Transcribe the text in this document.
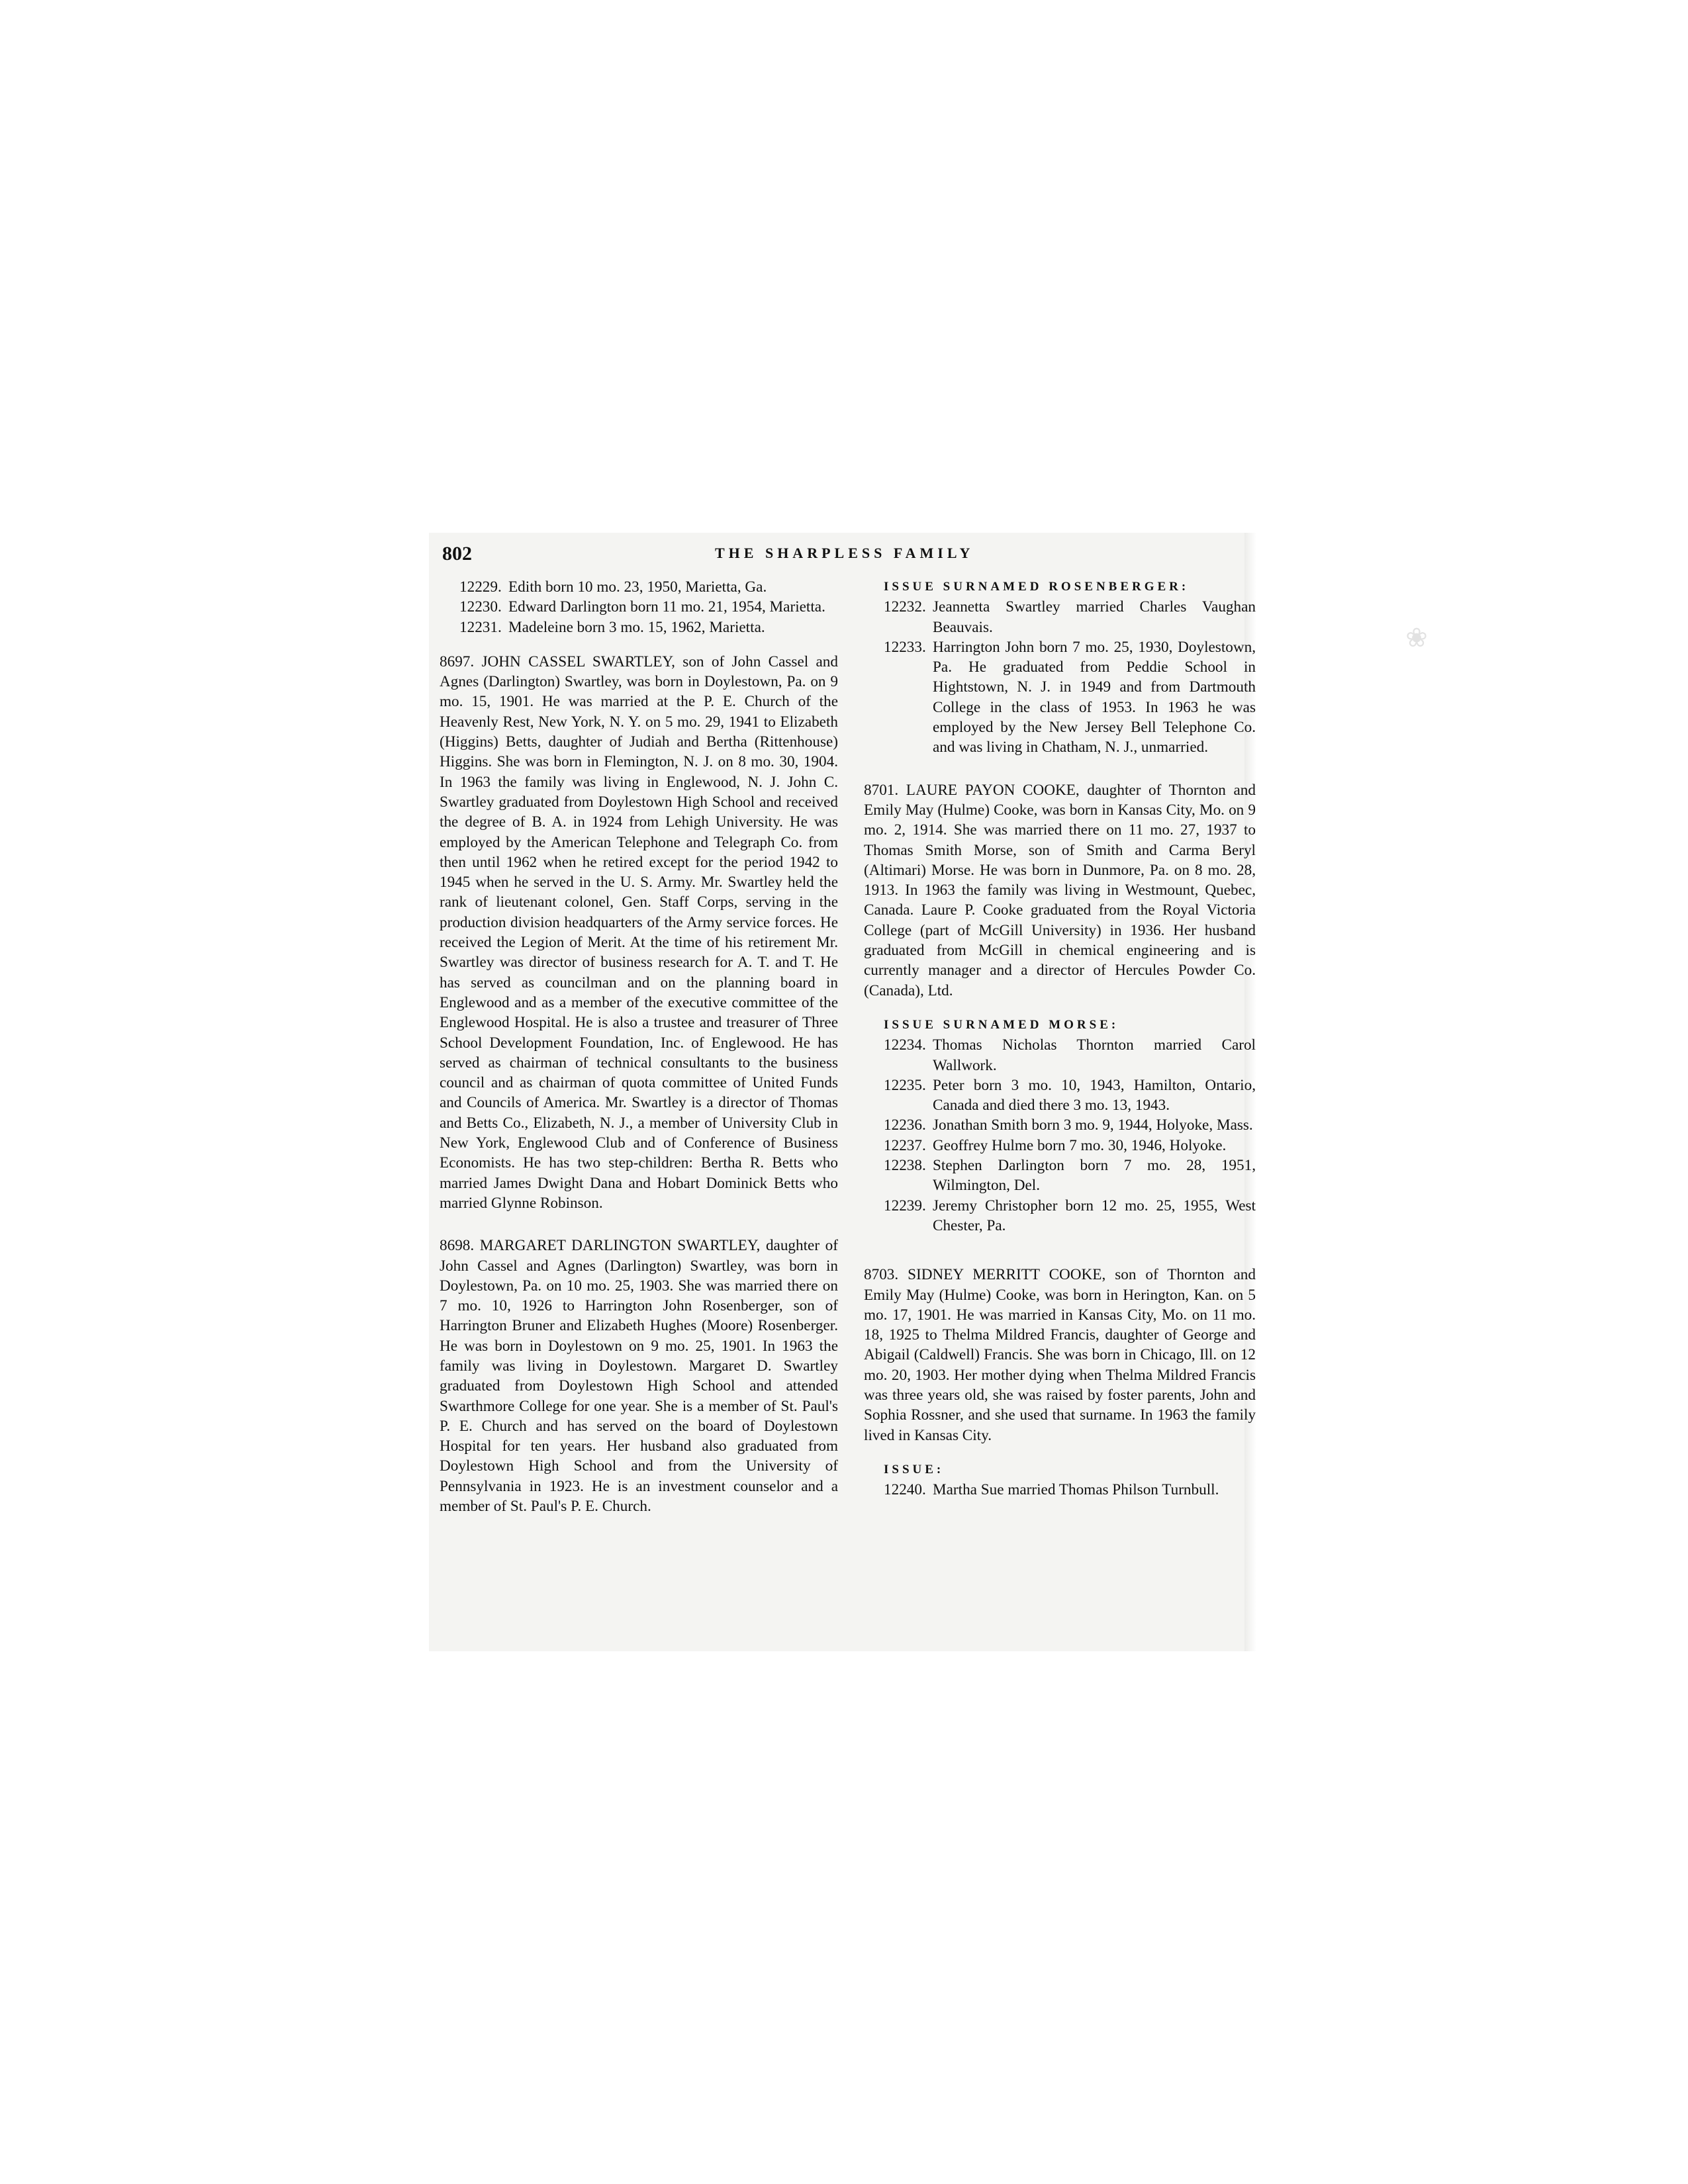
❀
802	THE SHARPLESS FAMILY
12229. Edith born 10 mo. 23, 1950, Marietta, Ga.
12230. Edward Darlington born 11 mo. 21, 1954, Marietta.
12231. Madeleine born 3 mo. 15, 1962, Marietta.

8697. JOHN CASSEL SWARTLEY, son of John Cassel and Agnes (Darlington) Swartley, was born in Doylestown, Pa. on 9 mo. 15, 1901. He was married at the P. E. Church of the Heavenly Rest, New York, N. Y. on 5 mo. 29, 1941 to Elizabeth (Higgins) Betts, daughter of Judiah and Bertha (Rittenhouse) Higgins. She was born in Flemington, N. J. on 8 mo. 30, 1904. In 1963 the family was living in Englewood, N. J. John C. Swartley graduated from Doylestown High School and received the degree of B. A. in 1924 from Lehigh University. He was employed by the American Telephone and Telegraph Co. from then until 1962 when he retired except for the period 1942 to 1945 when he served in the U. S. Army. Mr. Swartley held the rank of lieutenant colonel, Gen. Staff Corps, serving in the production division headquarters of the Army service forces. He received the Legion of Merit. At the time of his retirement Mr. Swartley was director of business research for A. T. and T. He has served as councilman and on the planning board in Englewood and as a member of the executive committee of the Englewood Hospital. He is also a trustee and treasurer of Three School Development Foundation, Inc. of Englewood. He has served as chairman of technical consultants to the business council and as chairman of quota committee of United Funds and Councils of America. Mr. Swartley is a director of Thomas and Betts Co., Elizabeth, N. J., a member of University Club in New York, Englewood Club and of Conference of Business Economists. He has two step-children: Bertha R. Betts who married James Dwight Dana and Hobart Dominick Betts who married Glynne Robinson.

8698. MARGARET DARLINGTON SWARTLEY, daughter of John Cassel and Agnes (Darlington) Swartley, was born in Doylestown, Pa. on 10 mo. 25, 1903. She was married there on 7 mo. 10, 1926 to Harrington John Rosenberger, son of Harrington Bruner and Elizabeth Hughes (Moore) Rosenberger. He was born in Doylestown on 9 mo. 25, 1901. In 1963 the family was living in Doylestown. Margaret D. Swartley graduated from Doylestown High School and attended Swarthmore College for one year. She is a member of St. Paul's P. E. Church and has served on the board of Doylestown Hospital for ten years. Her husband also graduated from Doylestown High School and from the University of Pennsylvania in 1923. He is an investment counselor and a member of St. Paul's P. E. Church.

ISSUE SURNAMED ROSENBERGER:

12232. Jeannetta Swartley married Charles Vaughan Beauvais.
12233. Harrington John born 7 mo. 25, 1930, Doylestown, Pa. He graduated from Peddie School in Hightstown, N. J. in 1949 and from Dartmouth College in the class of 1953. In 1963 he was employed by the New Jersey Bell Telephone Co. and was living in Chatham, N. J., unmarried.

8701. LAURE PAYON COOKE, daughter of Thornton and Emily May (Hulme) Cooke, was born in Kansas City, Mo. on 9 mo. 2, 1914. She was married there on 11 mo. 27, 1937 to Thomas Smith Morse, son of Smith and Carma Beryl (Altimari) Morse. He was born in Dunmore, Pa. on 8 mo. 28, 1913. In 1963 the family was living in Westmount, Quebec, Canada. Laure P. Cooke graduated from the Royal Victoria College (part of McGill University) in 1936. Her husband graduated from McGill in chemical engineering and is currently manager and a director of Hercules Powder Co. (Canada), Ltd.

ISSUE SURNAMED MORSE:

12234. Thomas Nicholas Thornton married Carol Wallwork.
12235. Peter born 3 mo. 10, 1943, Hamilton, Ontario, Canada and died there 3 mo. 13, 1943.
12236. Jonathan Smith born 3 mo. 9, 1944, Holyoke, Mass.
12237. Geoffrey Hulme born 7 mo. 30, 1946, Holyoke.
12238. Stephen Darlington born 7 mo. 28, 1951, Wilmington, Del.
12239. Jeremy Christopher born 12 mo. 25, 1955, West Chester, Pa.

8703. SIDNEY MERRITT COOKE, son of Thornton and Emily May (Hulme) Cooke, was born in Herington, Kan. on 5 mo. 17, 1901. He was married in Kansas City, Mo. on 11 mo. 18, 1925 to Thelma Mildred Francis, daughter of George and Abigail (Caldwell) Francis. She was born in Chicago, Ill. on 12 mo. 20, 1903. Her mother dying when Thelma Mildred Francis was three years old, she was raised by foster parents, John and Sophia Rossner, and she used that surname. In 1963 the family lived in Kansas City.

ISSUE:

12240. Martha Sue married Thomas Philson Turnbull.
